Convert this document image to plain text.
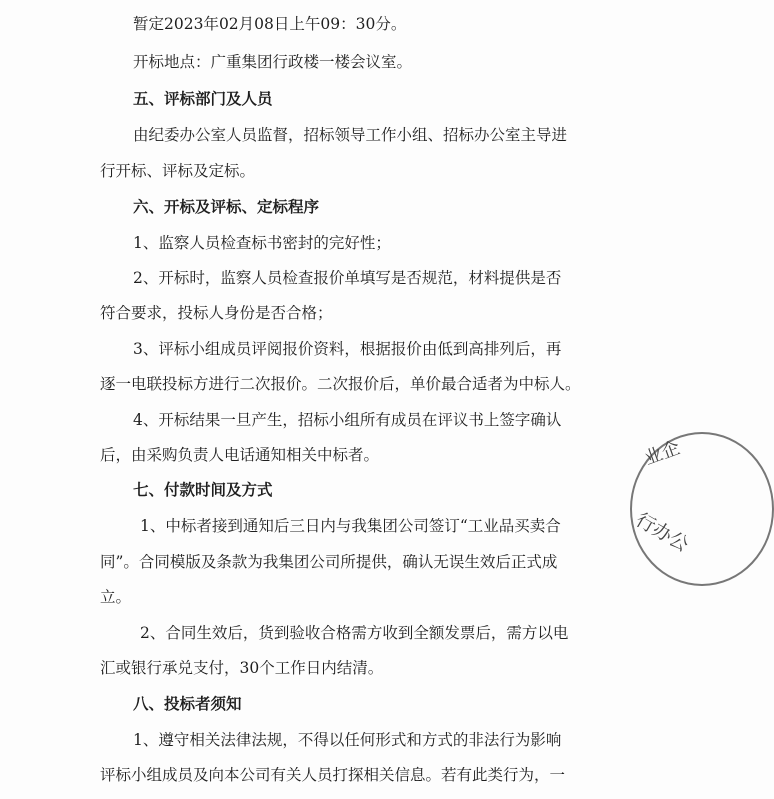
暂定2023年02月08日上午09：30分。
开标地点：广重集团行政楼一楼会议室。
五、评标部门及人员
由纪委办公室人员监督，招标领导工作小组、招标办公室主导进
行开标、评标及定标。
六、开标及评标、定标程序
1、监察人员检查标书密封的完好性；
2、开标时，监察人员检查报价单填写是否规范，材料提供是否
符合要求，投标人身份是否合格；
3、评标小组成员评阅报价资料，根据报价由低到高排列后，再
逐一电联投标方进行二次报价。二次报价后，单价最合适者为中标人。
4、开标结果一旦产生，招标小组所有成员在评议书上签字确认
后，由采购负责人电话通知相关中标者。
七、付款时间及方式
1、中标者接到通知后三日内与我集团公司签订“工业品买卖合
同”。合同模版及条款为我集团公司所提供，确认无误生效后正式成
立。
2、合同生效后，货到验收合格需方收到全额发票后，需方以电
汇或银行承兑支付，30个工作日内结清。
八、投标者须知
1、遵守相关法律法规，不得以任何形式和方式的非法行为影响
评标小组成员及向本公司有关人员打探相关信息。若有此类行为，一
业企
行办公
